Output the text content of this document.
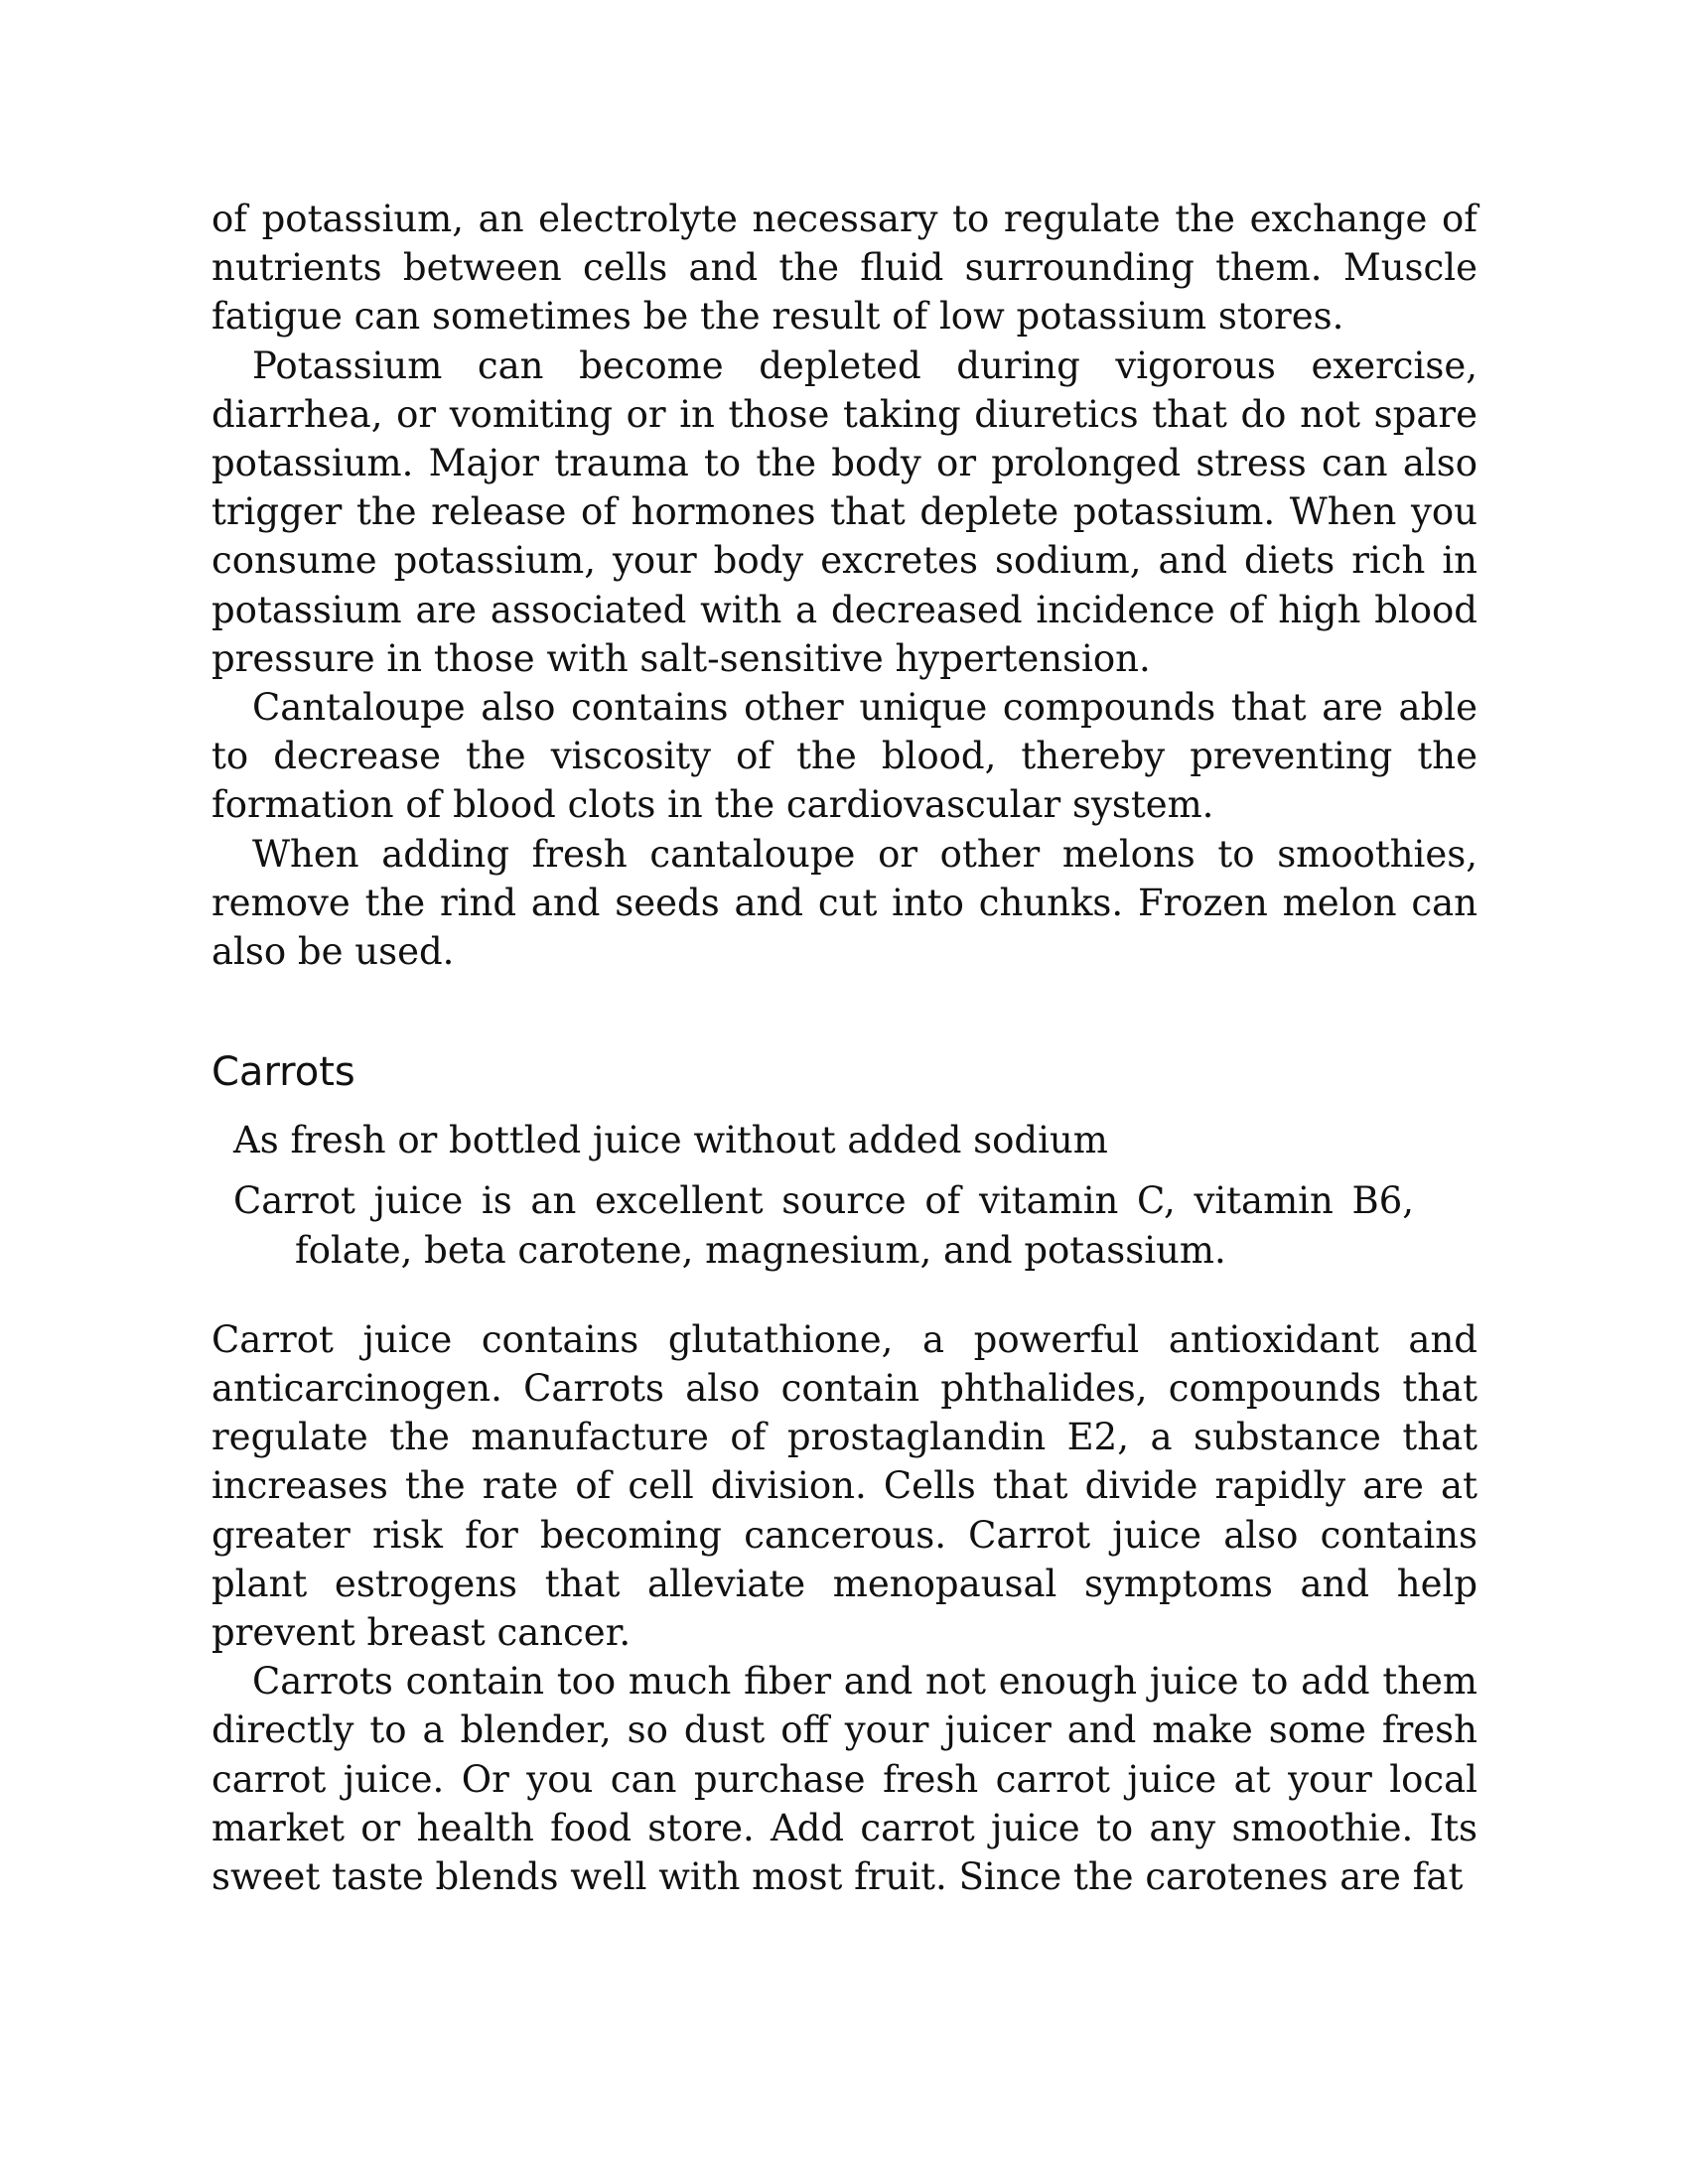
of potassium, an electrolyte necessary to regulate the exchange of nutrients between cells and the fluid surrounding them. Muscle fatigue can sometimes be the result of low potassium stores.

Potassium can become depleted during vigorous exercise, diarrhea, or vomiting or in those taking diuretics that do not spare potassium. Major trauma to the body or prolonged stress can also trigger the release of hormones that deplete potassium. When you consume potassium, your body excretes sodium, and diets rich in potassium are associated with a decreased incidence of high blood pressure in those with salt-sensitive hypertension.

Cantaloupe also contains other unique compounds that are able to decrease the viscosity of the blood, thereby preventing the formation of blood clots in the cardiovascular system.

When adding fresh cantaloupe or other melons to smoothies, remove the rind and seeds and cut into chunks. Frozen melon can also be used.

Carrots
As fresh or bottled juice without added sodium
Carrot juice is an excellent source of vitamin C, vitamin B6, folate, beta carotene, magnesium, and potassium.

Carrot juice contains glutathione, a powerful antioxidant and anticarcinogen. Carrots also contain phthalides, compounds that regulate the manufacture of prostaglandin E2, a substance that increases the rate of cell division. Cells that divide rapidly are at greater risk for becoming cancerous. Carrot juice also contains plant estrogens that alleviate menopausal symptoms and help prevent breast cancer.

Carrots contain too much fiber and not enough juice to add them directly to a blender, so dust off your juicer and make some fresh carrot juice. Or you can purchase fresh carrot juice at your local market or health food store. Add carrot juice to any smoothie. Its sweet taste blends well with most fruit. Since the carotenes are fat
